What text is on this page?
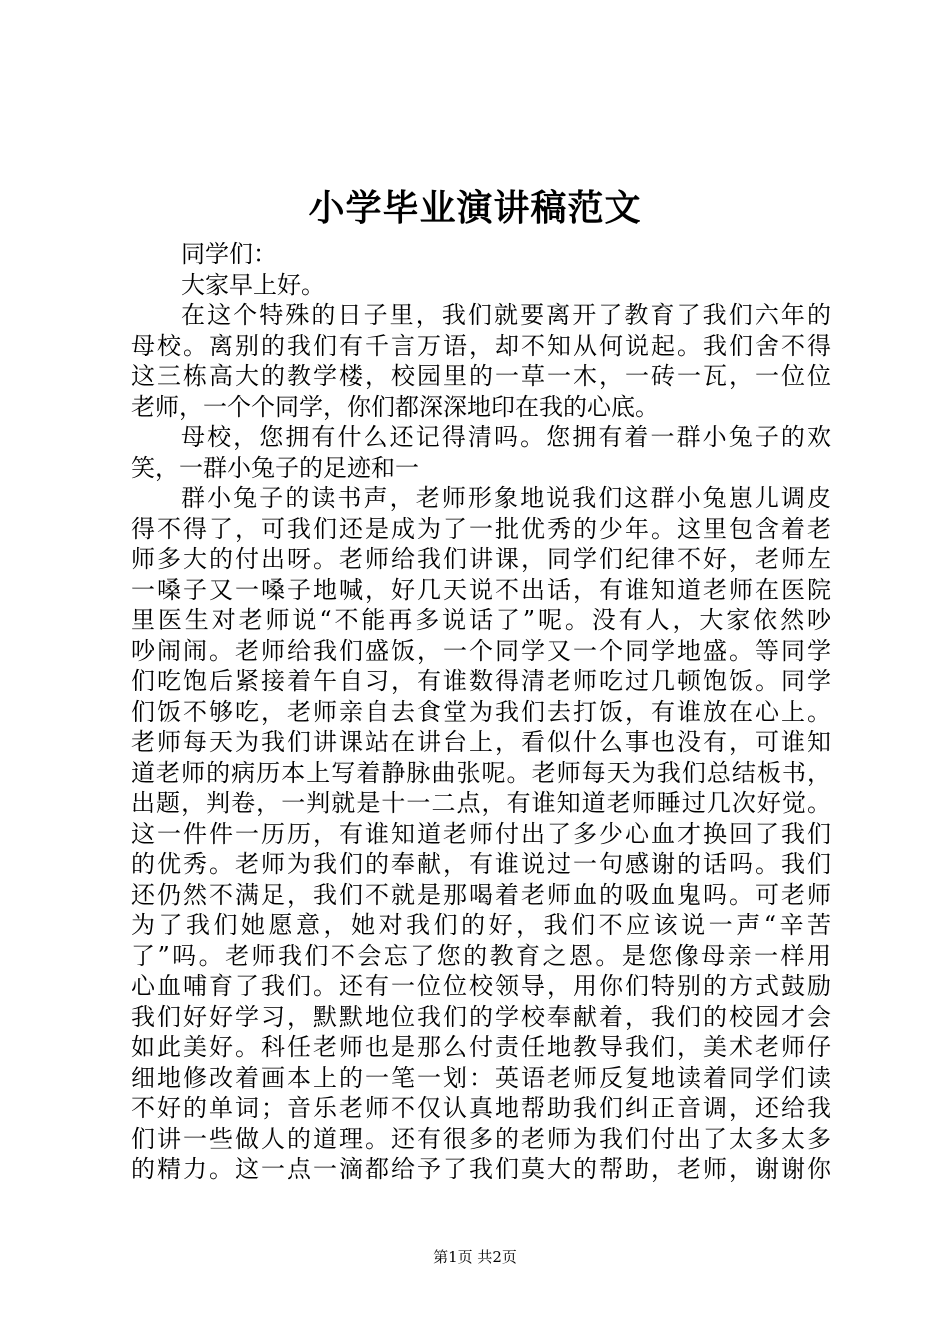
小学毕业演讲稿范文
同学们：
大家早上好。
在这个特殊的日子里，我们就要离开了教育了我们六年的
母校。离别的我们有千言万语，却不知从何说起。我们舍不得
这三栋高大的教学楼，校园里的一草一木，一砖一瓦，一位位
老师，一个个同学，你们都深深地印在我的心底。
母校，您拥有什么还记得清吗。您拥有着一群小兔子的欢
笑，一群小兔子的足迹和一
群小兔子的读书声，老师形象地说我们这群小兔崽儿调皮
得不得了，可我们还是成为了一批优秀的少年。这里包含着老
师多大的付出呀。老师给我们讲课，同学们纪律不好，老师左
一嗓子又一嗓子地喊，好几天说不出话，有谁知道老师在医院
里医生对老师说“不能再多说话了”呢。没有人，大家依然吵
吵闹闹。老师给我们盛饭，一个同学又一个同学地盛。等同学
们吃饱后紧接着午自习，有谁数得清老师吃过几顿饱饭。同学
们饭不够吃，老师亲自去食堂为我们去打饭，有谁放在心上。
老师每天为我们讲课站在讲台上，看似什么事也没有，可谁知
道老师的病历本上写着静脉曲张呢。老师每天为我们总结板书，
出题，判卷，一判就是十一二点，有谁知道老师睡过几次好觉。
这一件件一历历，有谁知道老师付出了多少心血才换回了我们
的优秀。老师为我们的奉献，有谁说过一句感谢的话吗。我们
还仍然不满足，我们不就是那喝着老师血的吸血鬼吗。可老师
为了我们她愿意，她对我们的好，我们不应该说一声“辛苦
了”吗。老师我们不会忘了您的教育之恩。是您像母亲一样用
心血哺育了我们。还有一位位校领导，用你们特别的方式鼓励
我们好好学习，默默地位我们的学校奉献着，我们的校园才会
如此美好。科任老师也是那么付责任地教导我们，美术老师仔
细地修改着画本上的一笔一划：英语老师反复地读着同学们读
不好的单词；音乐老师不仅认真地帮助我们纠正音调，还给我
们讲一些做人的道理。还有很多的老师为我们付出了太多太多
的精力。这一点一滴都给予了我们莫大的帮助，老师，谢谢你
第1页 共2页
